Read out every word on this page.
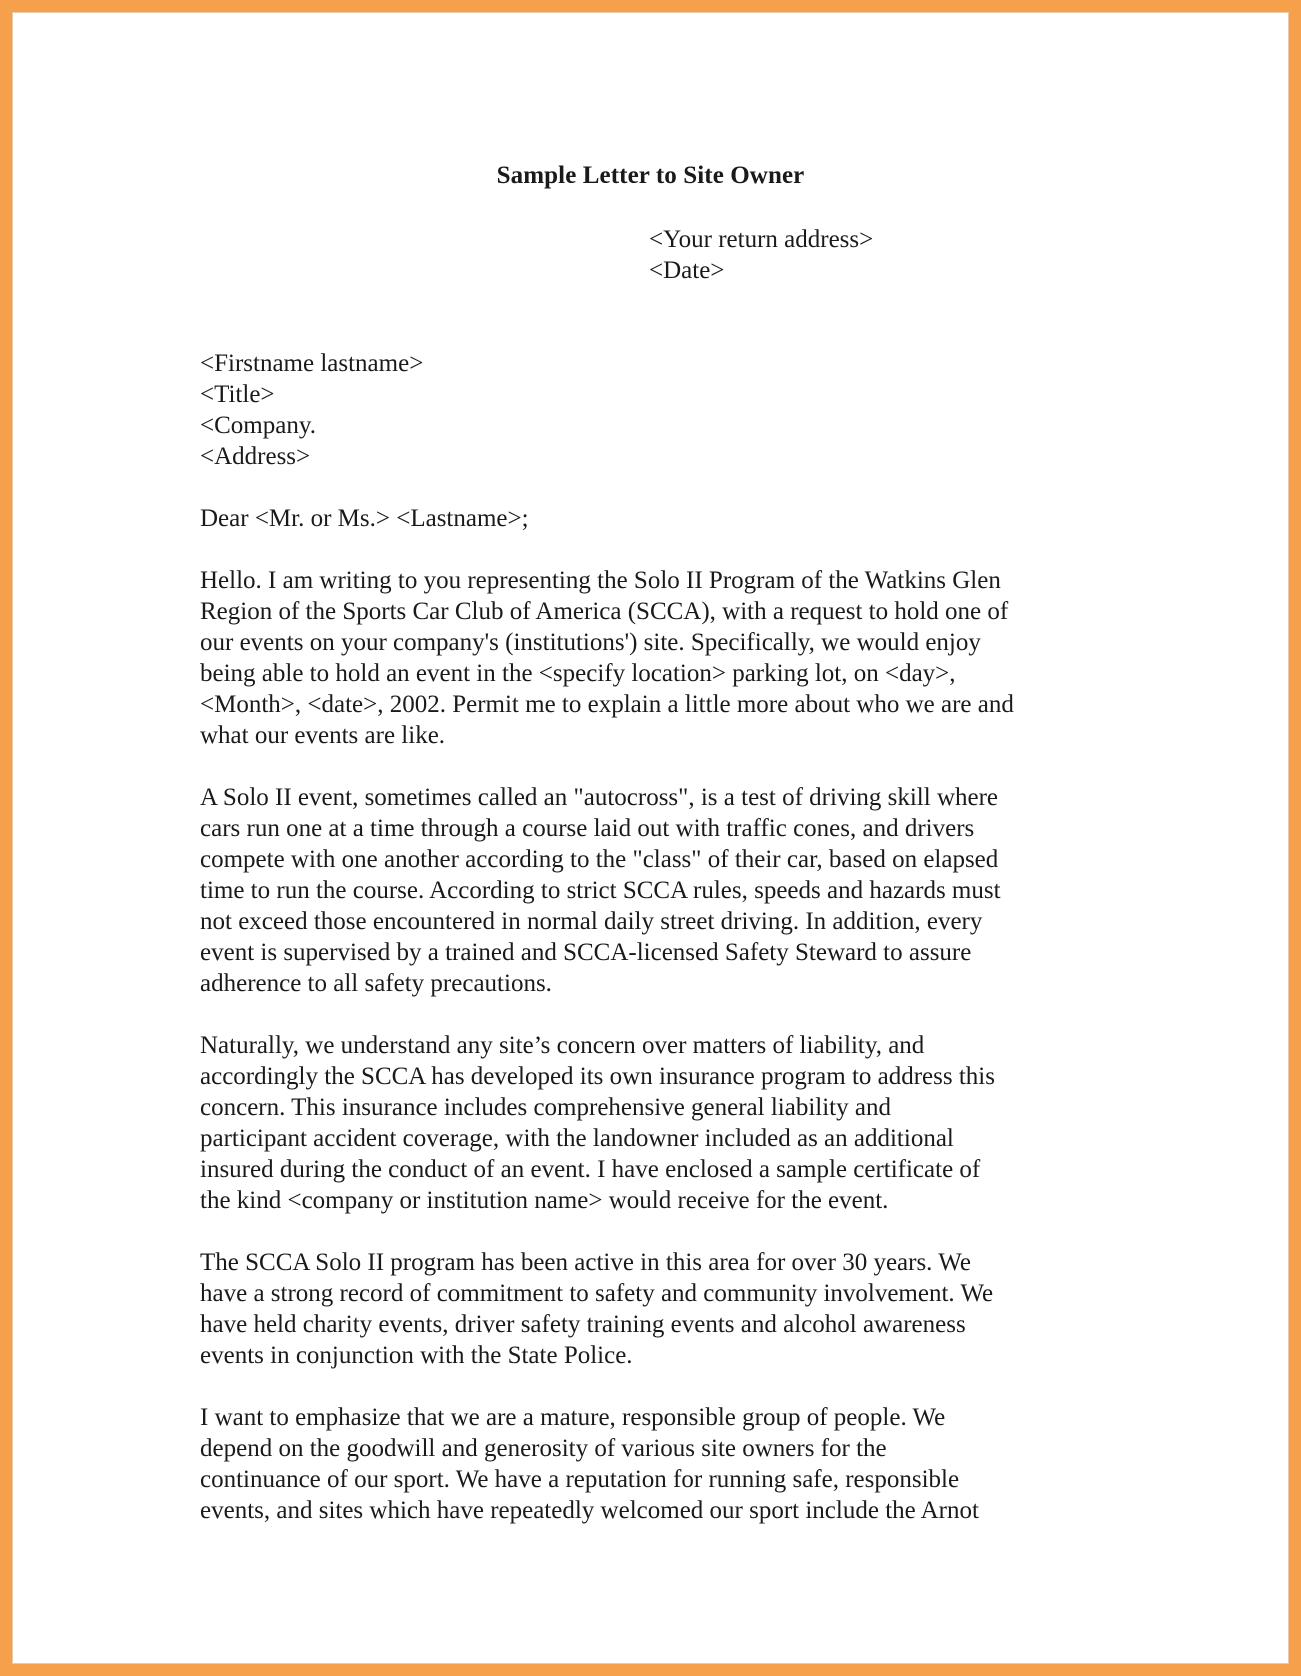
Sample Letter to Site Owner
<Your return address>
<Date>
<Firstname lastname>
<Title>
<Company.
<Address>
Dear <Mr. or Ms.> <Lastname>;
Hello. I am writing to you representing the Solo II Program of the Watkins Glen
Region of the Sports Car Club of America (SCCA), with a request to hold one of
our events on your company's (institutions') site. Specifically, we would enjoy
being able to hold an event in the <specify location> parking lot, on <day>,
<Month>, <date>, 2002. Permit me to explain a little more about who we are and
what our events are like.
A Solo II event, sometimes called an "autocross", is a test of driving skill where
cars run one at a time through a course laid out with traffic cones, and drivers
compete with one another according to the "class" of their car, based on elapsed
time to run the course. According to strict SCCA rules, speeds and hazards must
not exceed those encountered in normal daily street driving. In addition, every
event is supervised by a trained and SCCA-licensed Safety Steward to assure
adherence to all safety precautions.
Naturally, we understand any site’s concern over matters of liability, and
accordingly the SCCA has developed its own insurance program to address this
concern. This insurance includes comprehensive general liability and
participant accident coverage, with the landowner included as an additional
insured during the conduct of an event. I have enclosed a sample certificate of
the kind <company or institution name> would receive for the event.
The SCCA Solo II program has been active in this area for over 30 years. We
have a strong record of commitment to safety and community involvement. We
have held charity events, driver safety training events and alcohol awareness
events in conjunction with the State Police.
I want to emphasize that we are a mature, responsible group of people. We
depend on the goodwill and generosity of various site owners for the
continuance of our sport. We have a reputation for running safe, responsible
events, and sites which have repeatedly welcomed our sport include the Arnot
